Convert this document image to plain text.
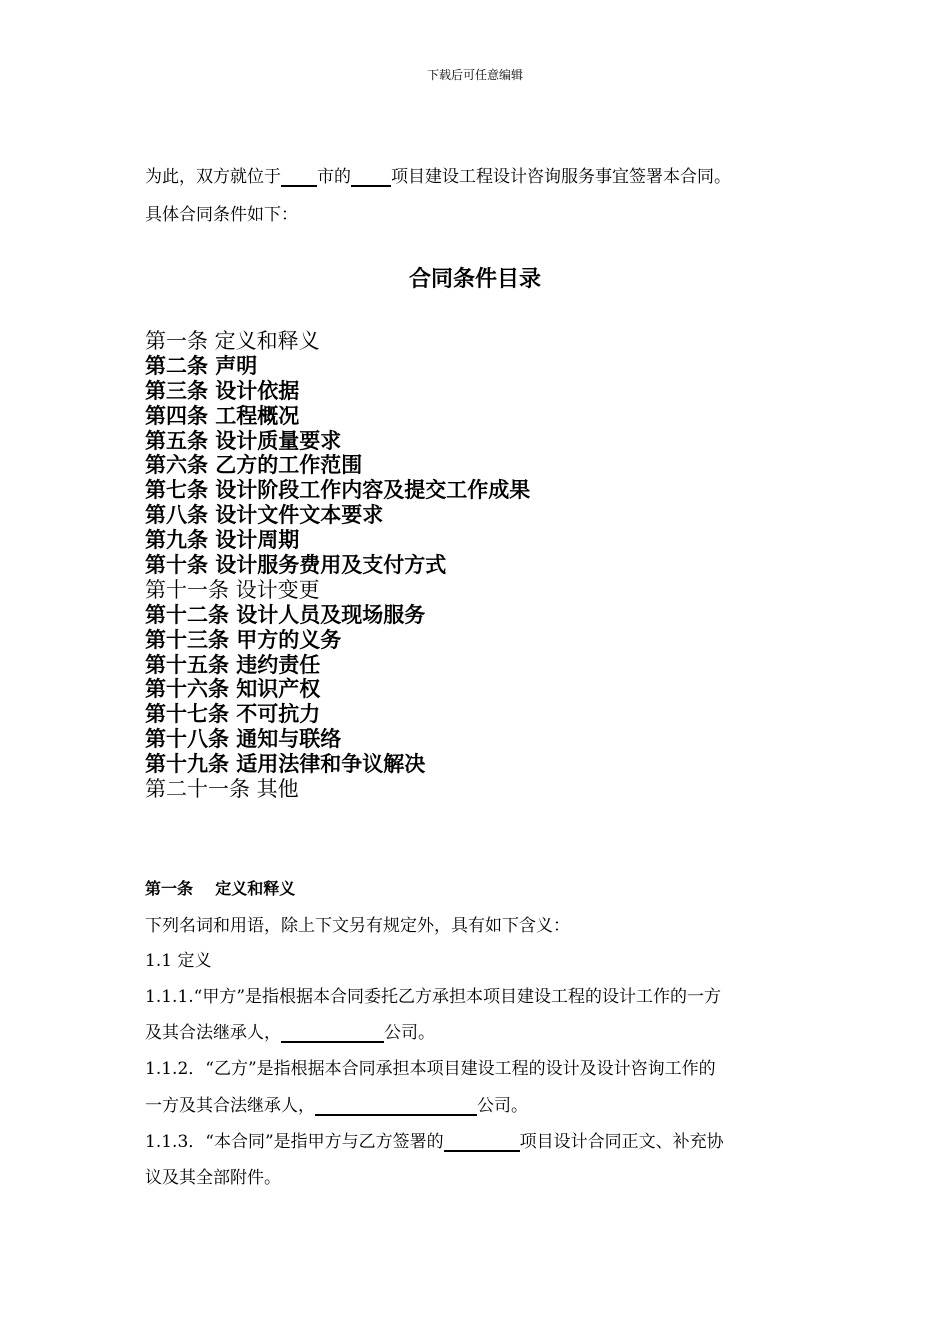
下载后可任意编辑
为此，双方就位于 市的 项目建设工程设计咨询服务事宜签署本合同。
具体合同条件如下：
合同条件目录
第一条 定义和释义
第二条 声明
第三条 设计依据
第四条 工程概况
第五条 设计质量要求
第六条 乙方的工作范围
第七条 设计阶段工作内容及提交工作成果
第八条 设计文件文本要求
第九条 设计周期
第十条 设计服务费用及支付方式
第十一条 设计变更
第十二条 设计人员及现场服务
第十三条 甲方的义务
第十五条 违约责任
第十六条 知识产权
第十七条 不可抗力
第十八条 通知与联络
第十九条 适用法律和争议解决
第二十一条 其他
第一条    定义和释义
下列名词和用语，除上下文另有规定外，具有如下含义：
1.1 定义
1.1.1.“甲方”是指根据本合同委托乙方承担本项目建设工程的设计工作的一方
及其合法继承人，	公司。
1.1.2．“乙方”是指根据本合同承担本项目建设工程的设计及设计咨询工作的
一方及其合法继承人，	公司。
1.1.3．“本合同”是指甲方与乙方签署的	项目设计合同正文、补充协
议及其全部附件。
